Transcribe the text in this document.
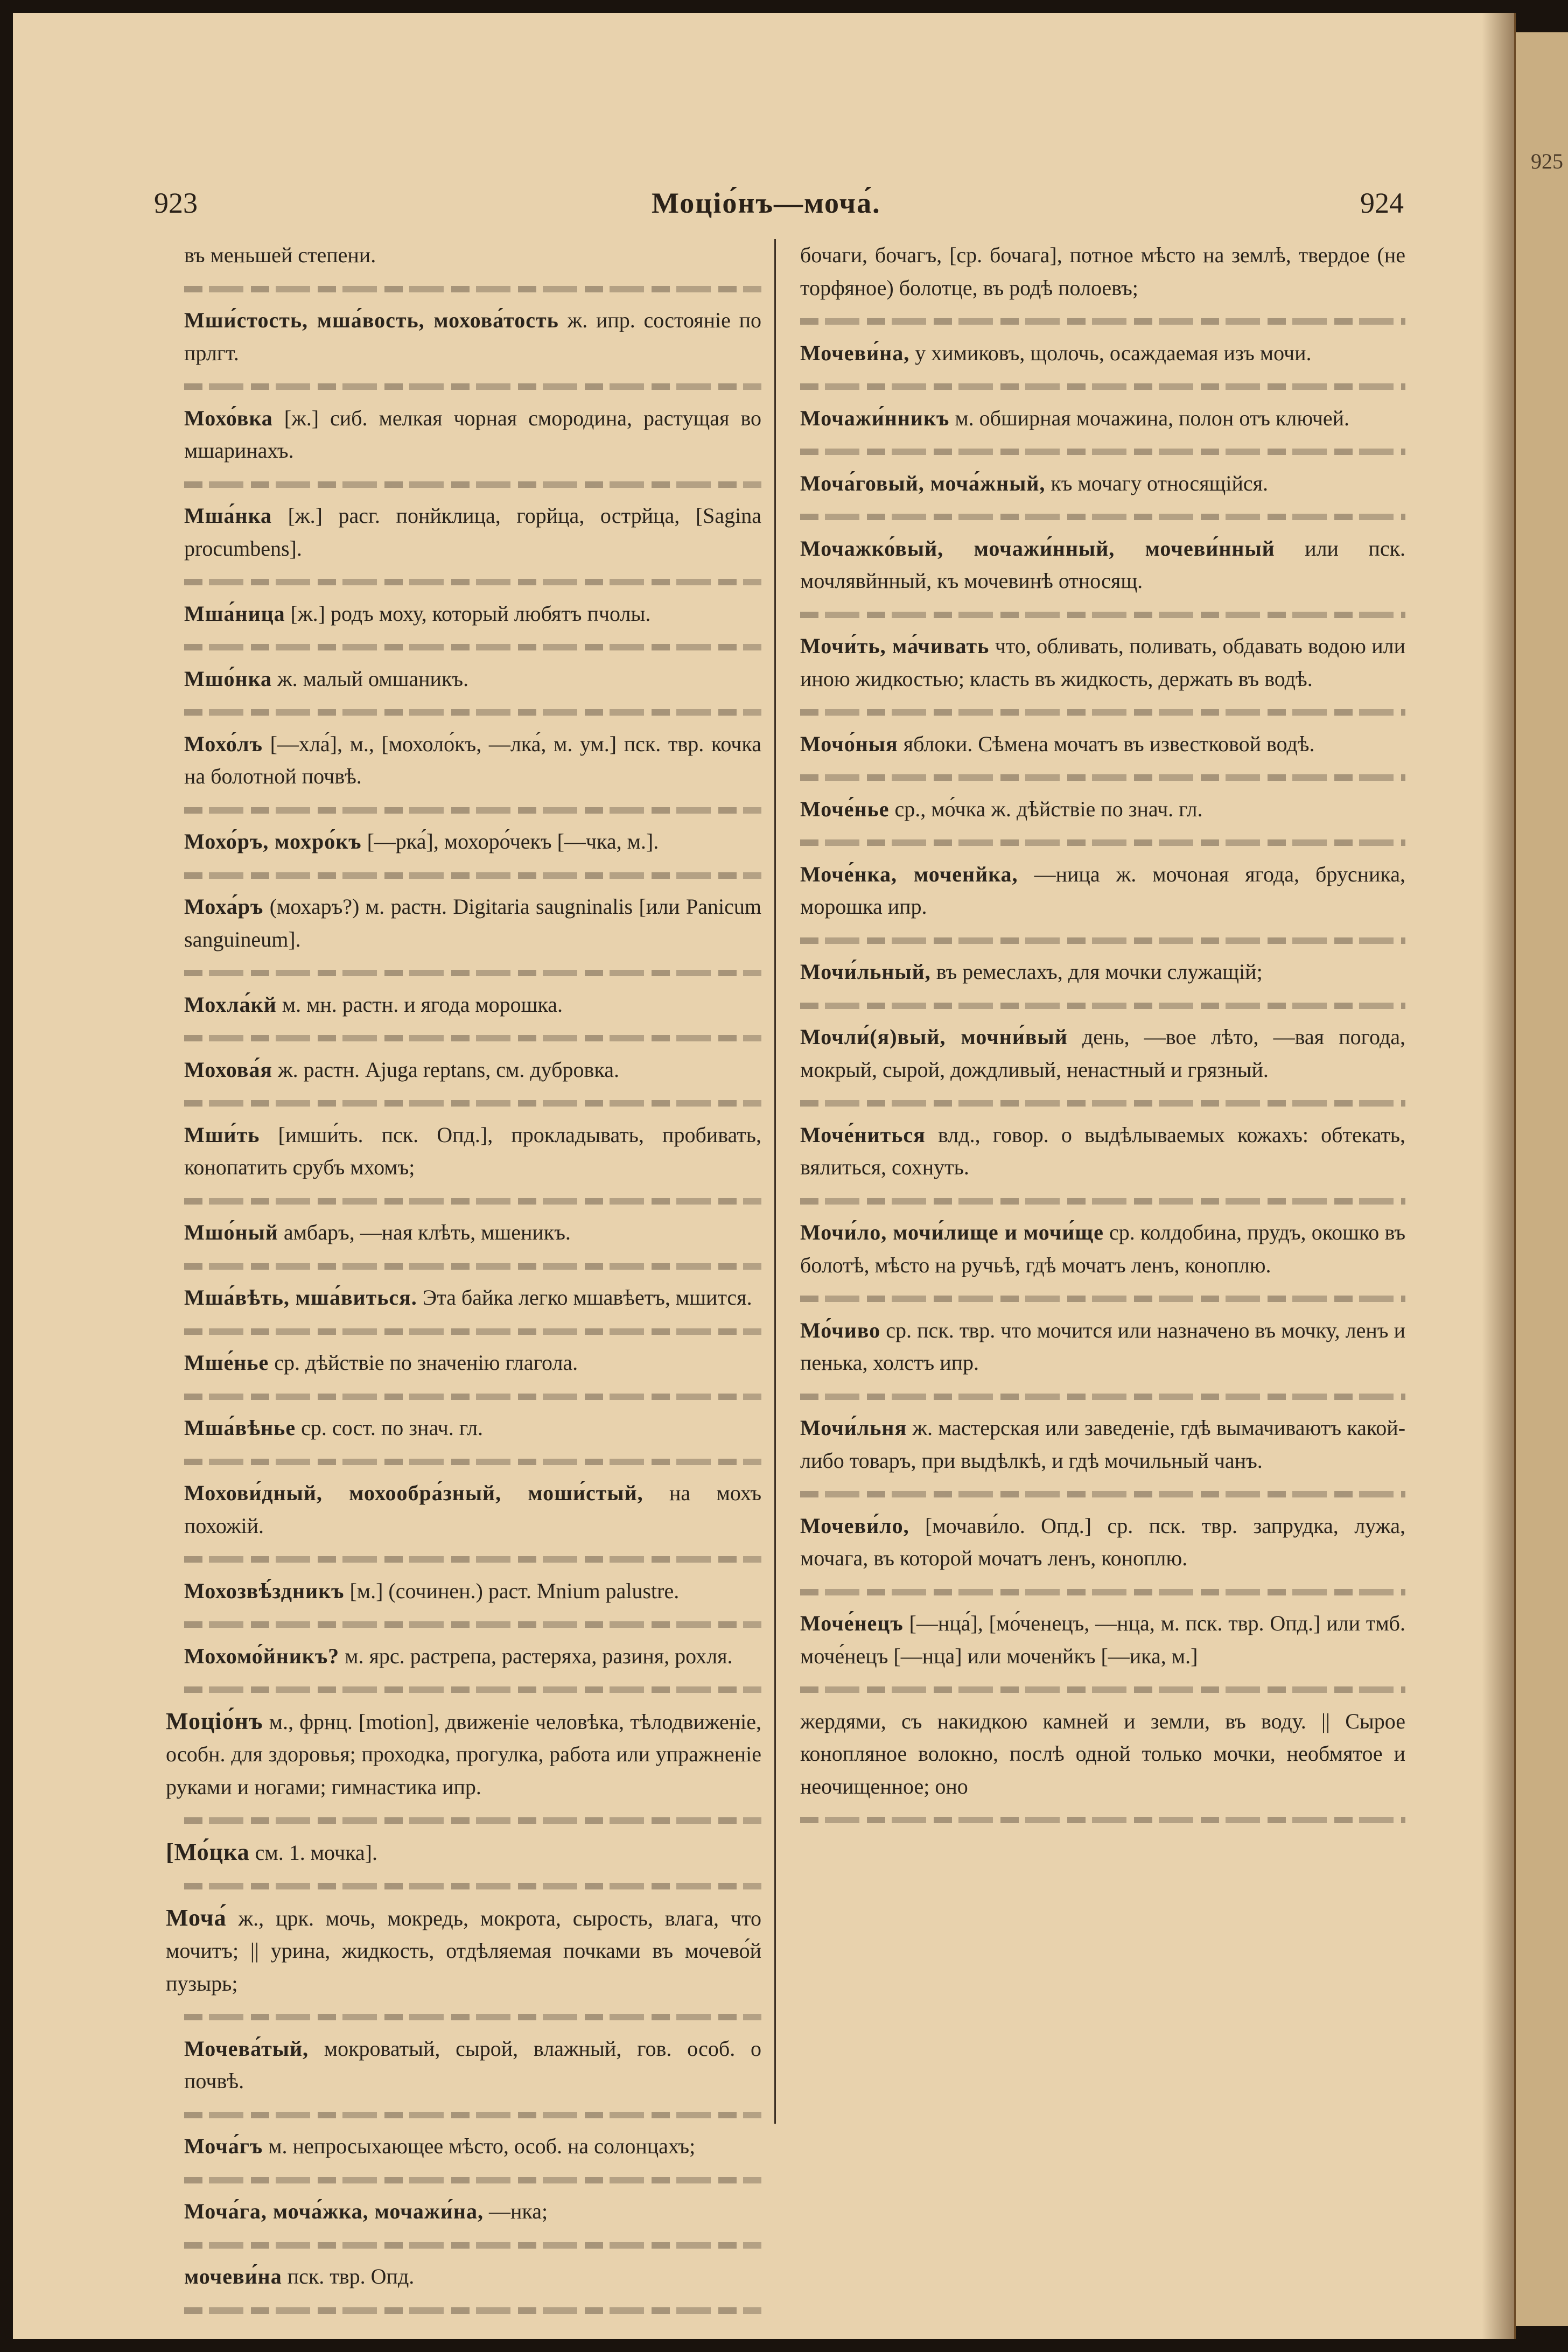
923	Моціо́нъ—моча́.	924

въ меньшей степени.

Мши́стость, мша́вость, мохова́тость ж. ипр. состояніе по прлгт.

Мохо́вка [ж.] сиб. мелкая чорная смородина, растущая во мшаринахъ.

Мша́нка [ж.] расг. понйклица, горйца, острйца, [Sagina procumbens].

Мша́ница [ж.] родъ моху, который любятъ пчолы.

Мшо́нка ж. малый омшаникъ.

Мохо́лъ [—хла́], м., [мохоло́къ, —лка́, м. ум.] пск. твр. кочка на болотной почвѣ.

Мохо́ръ, мохро́къ [—рка́], мохоро́чекъ [—чка, м.].

Моха́ръ (мохаръ?) м. растн. Digitaria saugninalis [или Panicum sanguineum].

Мохла́кй м. мн. растн. и ягода морошка.

Мохова́я ж. растн. Ajuga reptans, см. дубровка.

Мши́ть [имши́ть. пск. Опд.], прокладывать, пробивать, конопатить срубъ мхомъ;

Мшо́ный амбаръ, —ная клѣть, мшеникъ.

Мша́вѣть, мша́виться. Эта байка легко мшавѣетъ, мшится.

Мше́нье ср. дѣйствіе по значенію глагола.

Мша́вѣнье ср. сост. по знач. гл.

Мохови́дный, мохообра́зный, моши́стый, на мохъ похожій.

Мохозвѣ́здникъ [м.] (сочинен.) раст. Mnium palustre.

Мохомо́йникъ? м. ярс. растрепа, растеряха, разиня, рохля.

Моціо́нъ м., фрнц. [motion], движеніе человѣка, тѣлодвиженіе, особн. для здоровья; проходка, прогулка, работа или упражненіе руками и ногами; гимнастика ипр.

[Мо́цка см. 1. мочка].

Моча́ ж., црк. мочь, мокредь, мокрота, сырость, влага, что мочитъ; || урина, жидкость, отдѣляемая почками въ мочево́й пузырь;

Мочева́тый, мокроватый, сырой, влажный, гов. особ. о почвѣ.

Моча́гъ м. непросыхающее мѣсто, особ. на солонцахъ;

Моча́га, моча́жка, мочажи́на, —нка;

мочеви́на пск. твр. Опд.

бочаги, бочагъ, [ср. бочага], потное мѣсто на землѣ, твердое (не торфяное) болотце, въ родѣ полоевъ;

Мочеви́на, у химиковъ, щолочь, осаждаемая изъ мочи.

Мочажи́нникъ м. обширная мочажина, полон отъ ключей.

Моча́говый, моча́жный, къ мочагу относящійся.

Мочажко́вый, мочажи́нный, мочеви́нный или пск. мочлявйнный, къ мочевинѣ относящ.

Мочи́ть, ма́чивать что, обливать, поливать, обдавать водою или иною жидкостью; класть въ жидкость, держать въ водѣ.

Мочо́ныя яблоки. Сѣмена мочатъ въ известковой водѣ.

Моче́нье ср., мо́чка ж. дѣйствіе по знач. гл.

Моче́нка, моченйка, —ница ж. мочоная ягода, брусника, морошка ипр.

Мочи́льный, въ ремеслахъ, для мочки служащій;

Мочли́(я)вый, мочни́вый день, —вое лѣто, —вая погода, мокрый, сырой, дождливый, ненастный и грязный.

Моче́ниться влд., говор. о выдѣлываемых кожахъ: обтекать, вялиться, сохнуть.

Мочи́ло, мочи́лище и мочи́ще ср. колдобина, прудъ, окошко въ болотѣ, мѣсто на ручьѣ, гдѣ мочатъ ленъ, коноплю.

Мо́чиво ср. пск. твр. что мочится или назначено въ мочку, ленъ и пенька, холстъ ипр.

Мочи́льня ж. мастерская или заведеніе, гдѣ вымачиваютъ какой-либо товаръ, при выдѣлкѣ, и гдѣ мочильный чанъ.

Мочеви́ло, [мочави́ло. Опд.] ср. пск. твр. запрудка, лужа, мочага, въ которой мочатъ ленъ, коноплю.

Моче́нецъ [—нца́], [мо́ченецъ, —нца, м. пск. твр. Опд.] или тмб. моче́нецъ [—нца] или моченйкъ [—ика, м.]

жердями, съ накидкою камней и земли, въ воду. || Сырое конопляное волокно, послѣ одной только мочки, необмятое и неочищенное; оно

925
